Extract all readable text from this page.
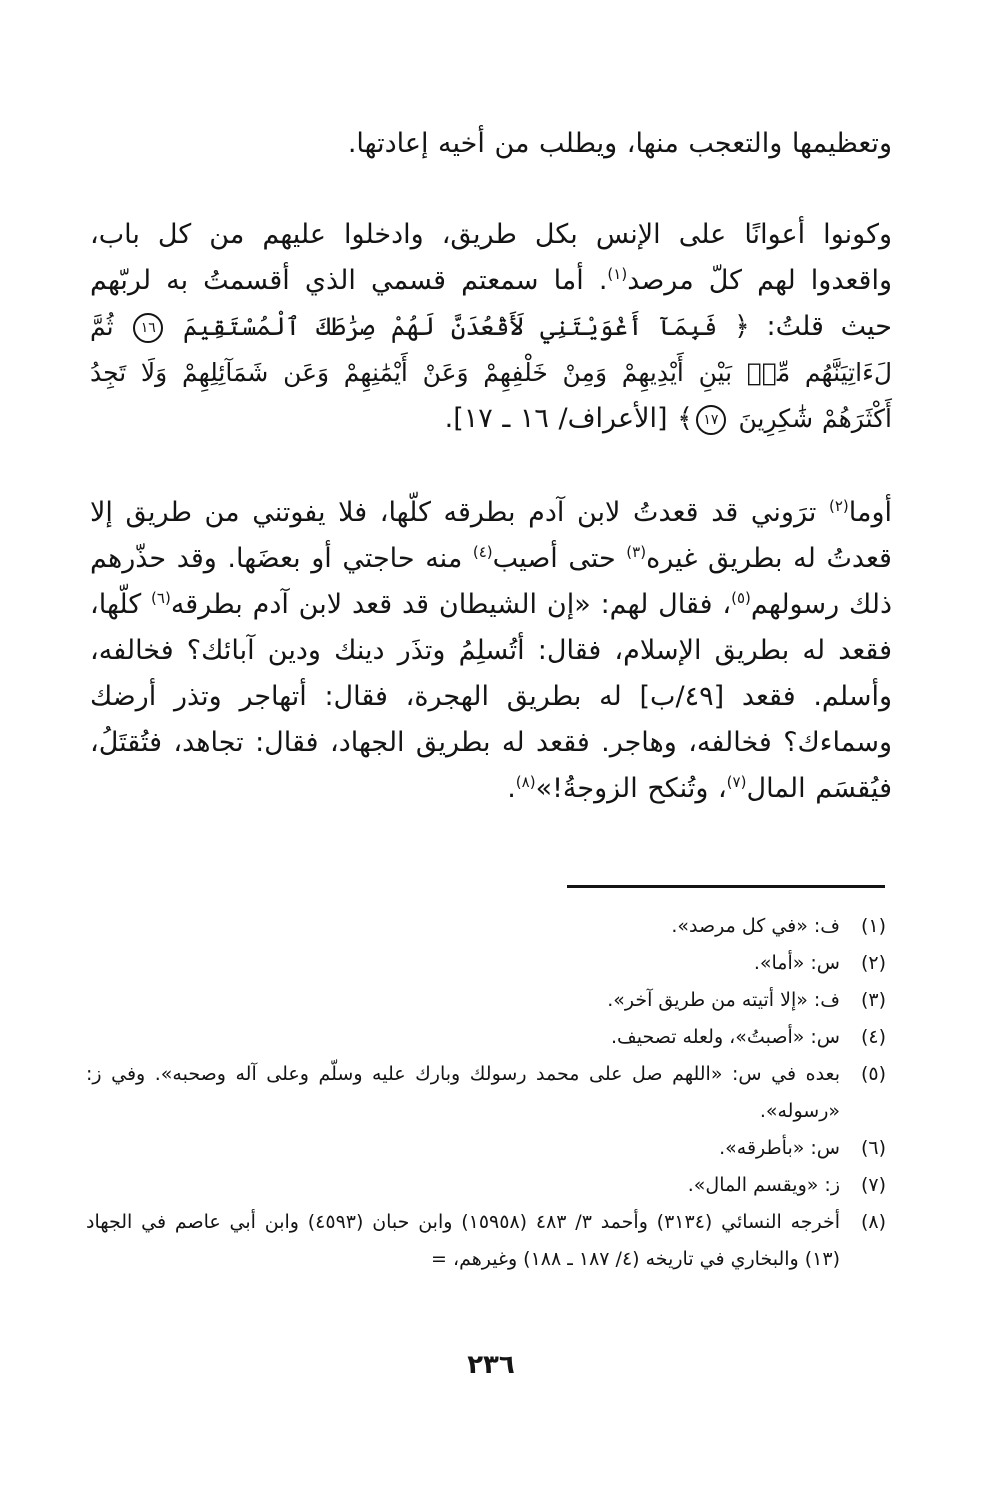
وتعظيمها والتعجب منها، ويطلب من أخيه إعادتها.

وكونوا أعوانًا على الإنس بكل طريق، وادخلوا عليهم من كل باب، واقعدوا لهم كلّ مرصد$^{(١)}$. أما سمعتم قسمي الذي أقسمتُ به لربّهم حيث قلتُ: ﴿ فَبِمَآ أَغْوَيْتَنِي لَأَقْعُدَنَّ لَهُمْ صِرَٰطَكَ ٱلْمُسْتَقِيمَ ١٦ ثُمَّ لَءَاتِيَنَّهُم مِّنۢ بَيْنِ أَيْدِيهِمْ وَمِنْ خَلْفِهِمْ وَعَنْ أَيْمَٰنِهِمْ وَعَن شَمَآئِلِهِمْ وَلَا تَجِدُ أَكْثَرَهُمْ شَٰكِرِينَ ١٧﴾ [الأعراف/ ١٦ ـ ١٧].

أوما$^{(٢)}$ ترَوني قد قعدتُ لابن آدم بطرقه كلّها، فلا يفوتني من طريق إلا قعدتُ له بطريق غيره$^{(٣)}$ حتى أصيب$^{(٤)}$ منه حاجتي أو بعضَها. وقد حذّرهم ذلك رسولهم$^{(٥)}$، فقال لهم: «إن الشيطان قد قعد لابن آدم بطرقه$^{(٦)}$ كلّها، فقعد له بطريق الإسلام، فقال: أتُسلِمُ وتذَر دينك ودين آبائك؟ فخالفه، وأسلم. فقعد [٤٩/ب] له بطريق الهجرة، فقال: أتهاجر وتذر أرضك وسماءك؟ فخالفه، وهاجر. فقعد له بطريق الجهاد، فقال: تجاهد، فتُقتَلُ، فيُقسَم المال$^{(٧)}$، وتُنكح الزوجةُ!»$^{(٨)}$.

(١)
ف: «في كل مرصد».
(٢)
س: «أما».
(٣)
ف: «إلا أتيته من طريق آخر».
(٤)
س: «أصبتُ»، ولعله تصحيف.
(٥)
بعده في س: «اللهم صل على محمد رسولك وبارك عليه وسلّم وعلى آله وصحبه». وفي ز: «رسوله».
(٦)
س: «بأطرقه».
(٧)
ز: «ويقسم المال».
(٨)
أخرجه النسائي (٣١٣٤) وأحمد ٣/ ٤٨٣ (١٥٩٥٨) وابن حبان (٤٥٩٣) وابن أبي عاصم في الجهاد (١٣) والبخاري في تاريخه (٤/ ١٨٧ ـ ١٨٨) وغيرهم، =
٢٣٦
